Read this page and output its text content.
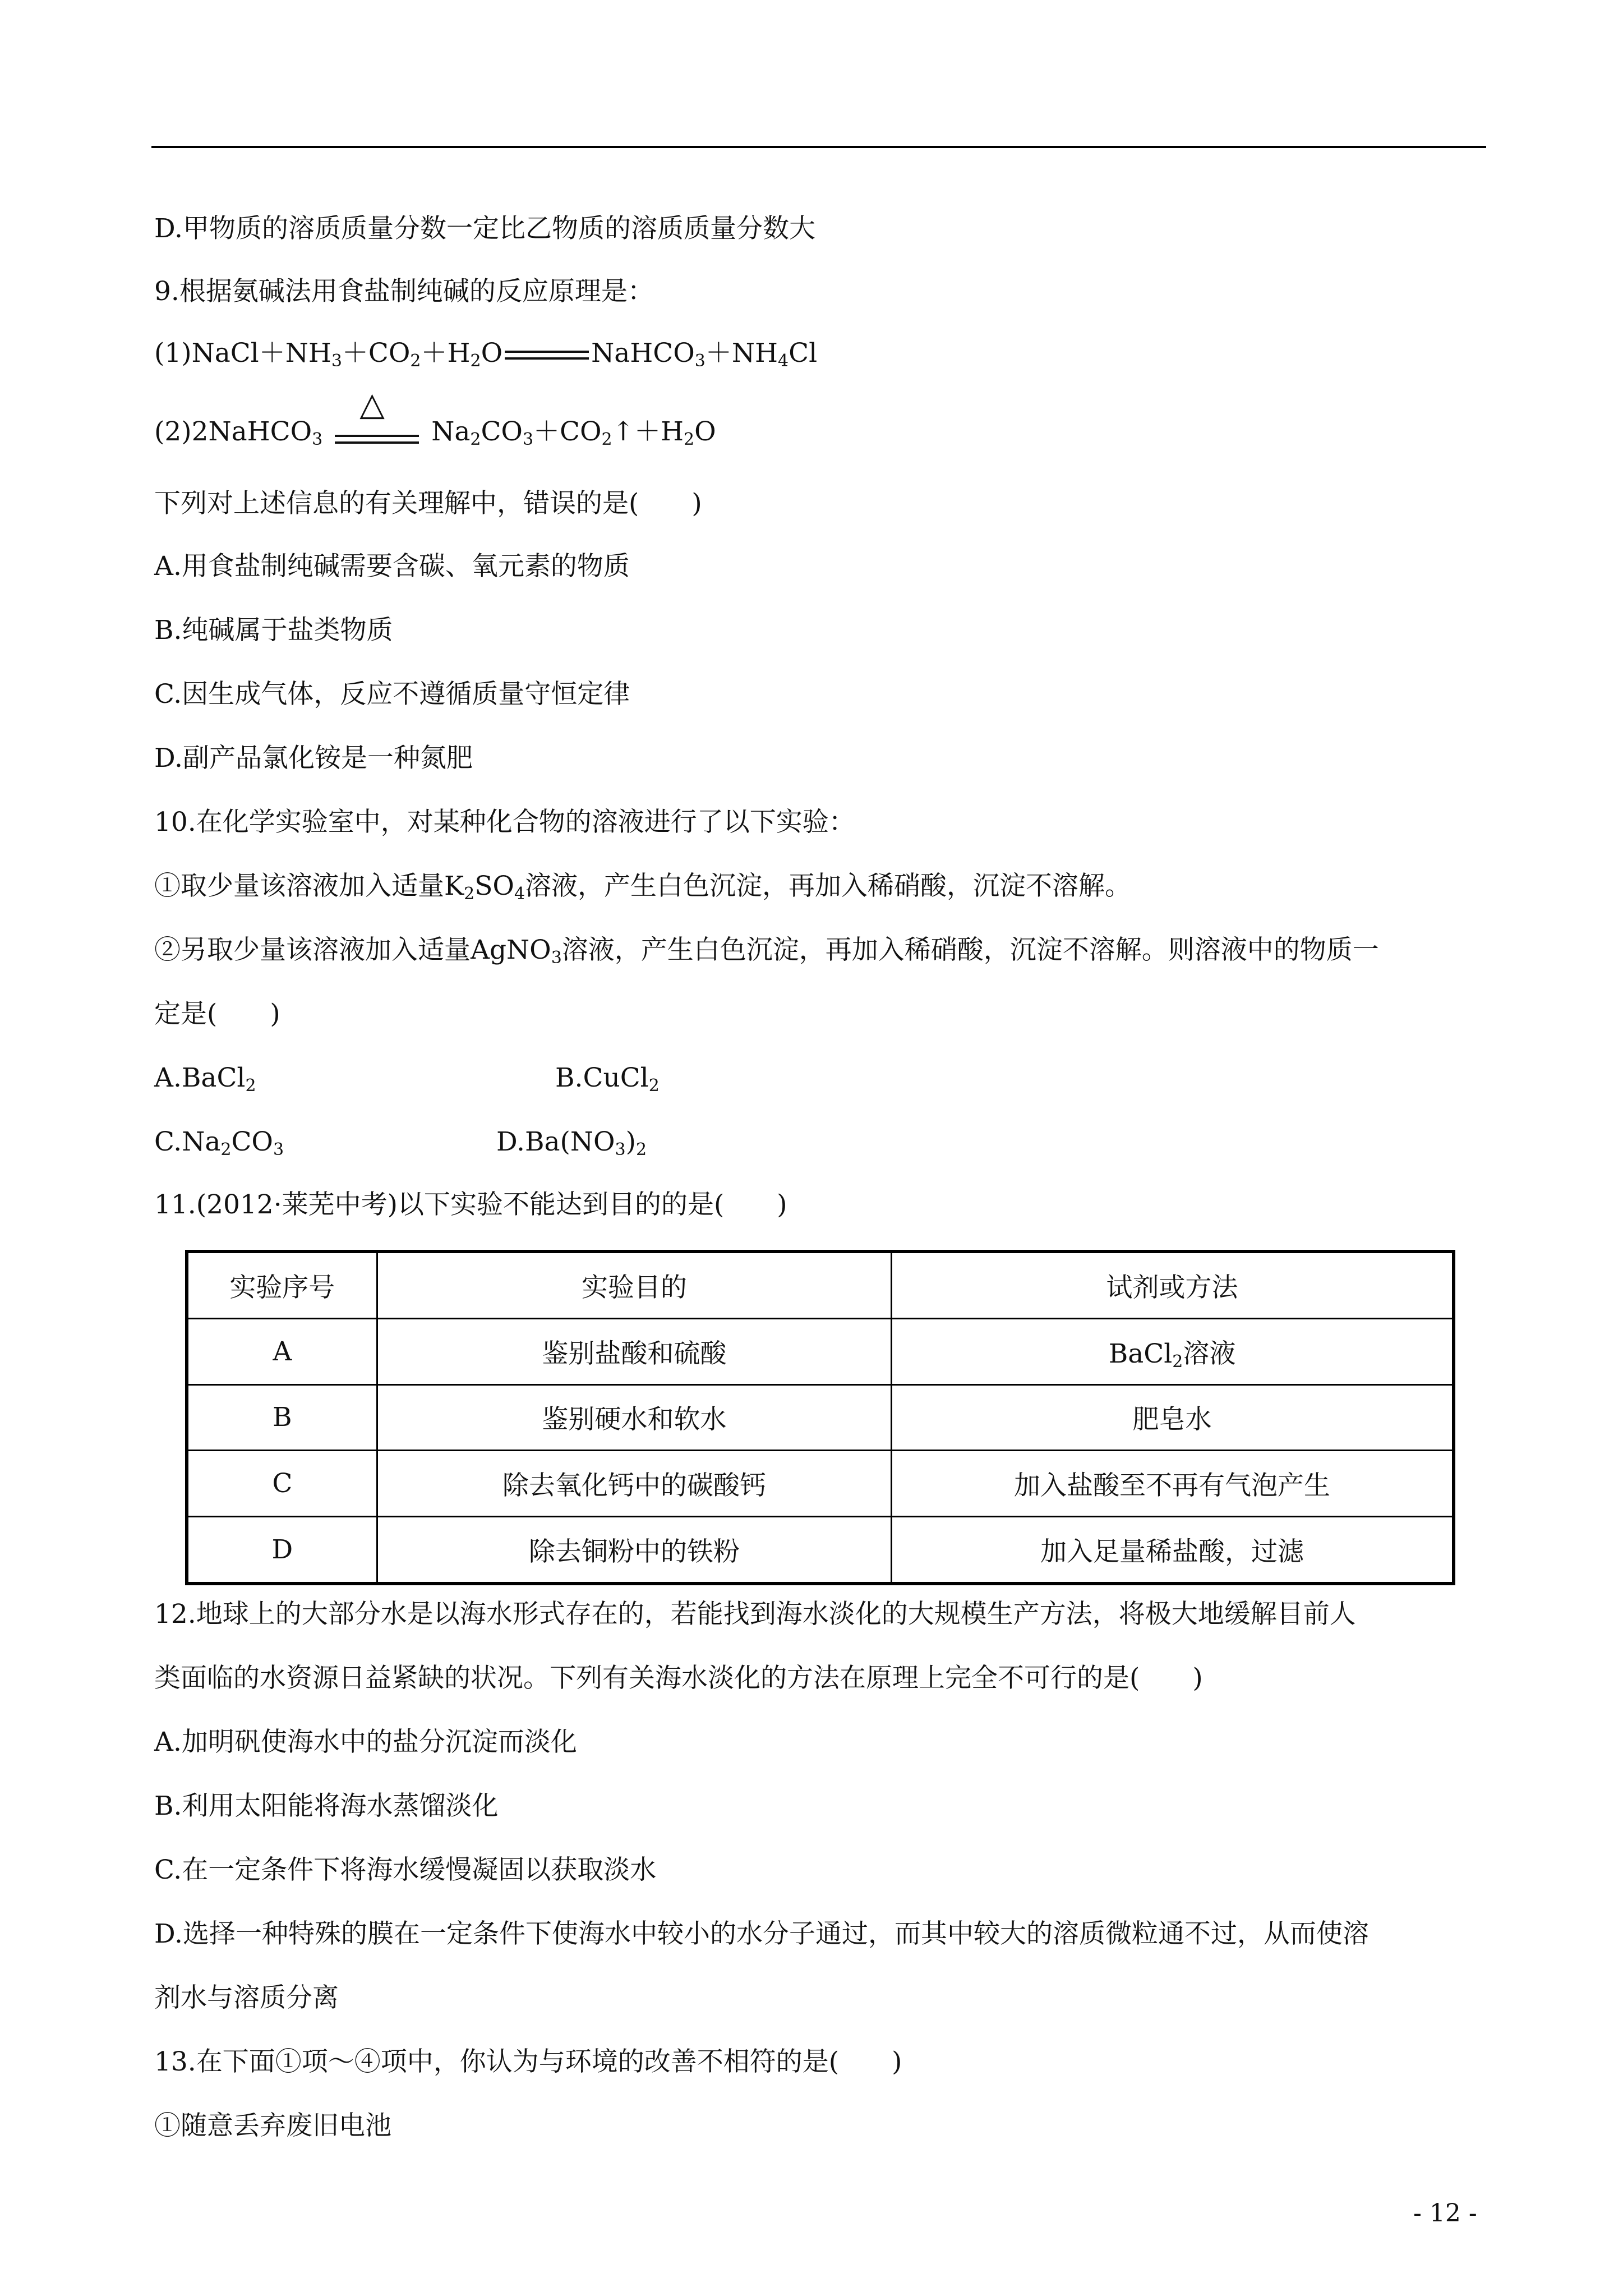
D.甲物质的溶质质量分数一定比乙物质的溶质质量分数大
9.根据氨碱法用食盐制纯碱的反应原理是：
$(1)NaCl+NH_3+CO_2+H_2O$	$NaHCO_3+NH_4Cl$
(2)2NaHCO$_3$
△
$Na_2CO_3+CO_2↑+H_2O$
下列对上述信息的有关理解中，错误的是(　　)
A.用食盐制纯碱需要含碳、氧元素的物质
B.纯碱属于盐类物质
C.因生成气体，反应不遵循质量守恒定律
D.副产品氯化铵是一种氮肥
10.在化学实验室中，对某种化合物的溶液进行了以下实验：
①取少量该溶液加入适量$K_2SO_4$溶液，产生白色沉淀，再加入稀硝酸，沉淀不溶解。
②另取少量该溶液加入适量AgNO$_3$溶液，产生白色沉淀，再加入稀硝酸，沉淀不溶解。则溶液中的物质一
定是(　　)
A.BaCl$_2$	B.CuCl$_2$
$C.Na_2CO_3$	$D.Ba(NO_3)_2$
11.(2012·莱芜中考)以下实验不能达到目的的是(　　)
实验序号	实验目的	试剂或方法
A	鉴别盐酸和硫酸	BaCl$_2$溶液
B	鉴别硬水和软水	肥皂水
C	除去氧化钙中的碳酸钙	加入盐酸至不再有气泡产生
D	除去铜粉中的铁粉	加入足量稀盐酸，过滤
12.地球上的大部分水是以海水形式存在的，若能找到海水淡化的大规模生产方法，将极大地缓解目前人
类面临的水资源日益紧缺的状况。下列有关海水淡化的方法在原理上完全不可行的是(　　)
A.加明矾使海水中的盐分沉淀而淡化
B.利用太阳能将海水蒸馏淡化
C.在一定条件下将海水缓慢凝固以获取淡水
D.选择一种特殊的膜在一定条件下使海水中较小的水分子通过，而其中较大的溶质微粒通不过，从而使溶
剂水与溶质分离
13.在下面①项～④项中，你认为与环境的改善不相符的是(　　)
①随意丢弃废旧电池
- 12 -
